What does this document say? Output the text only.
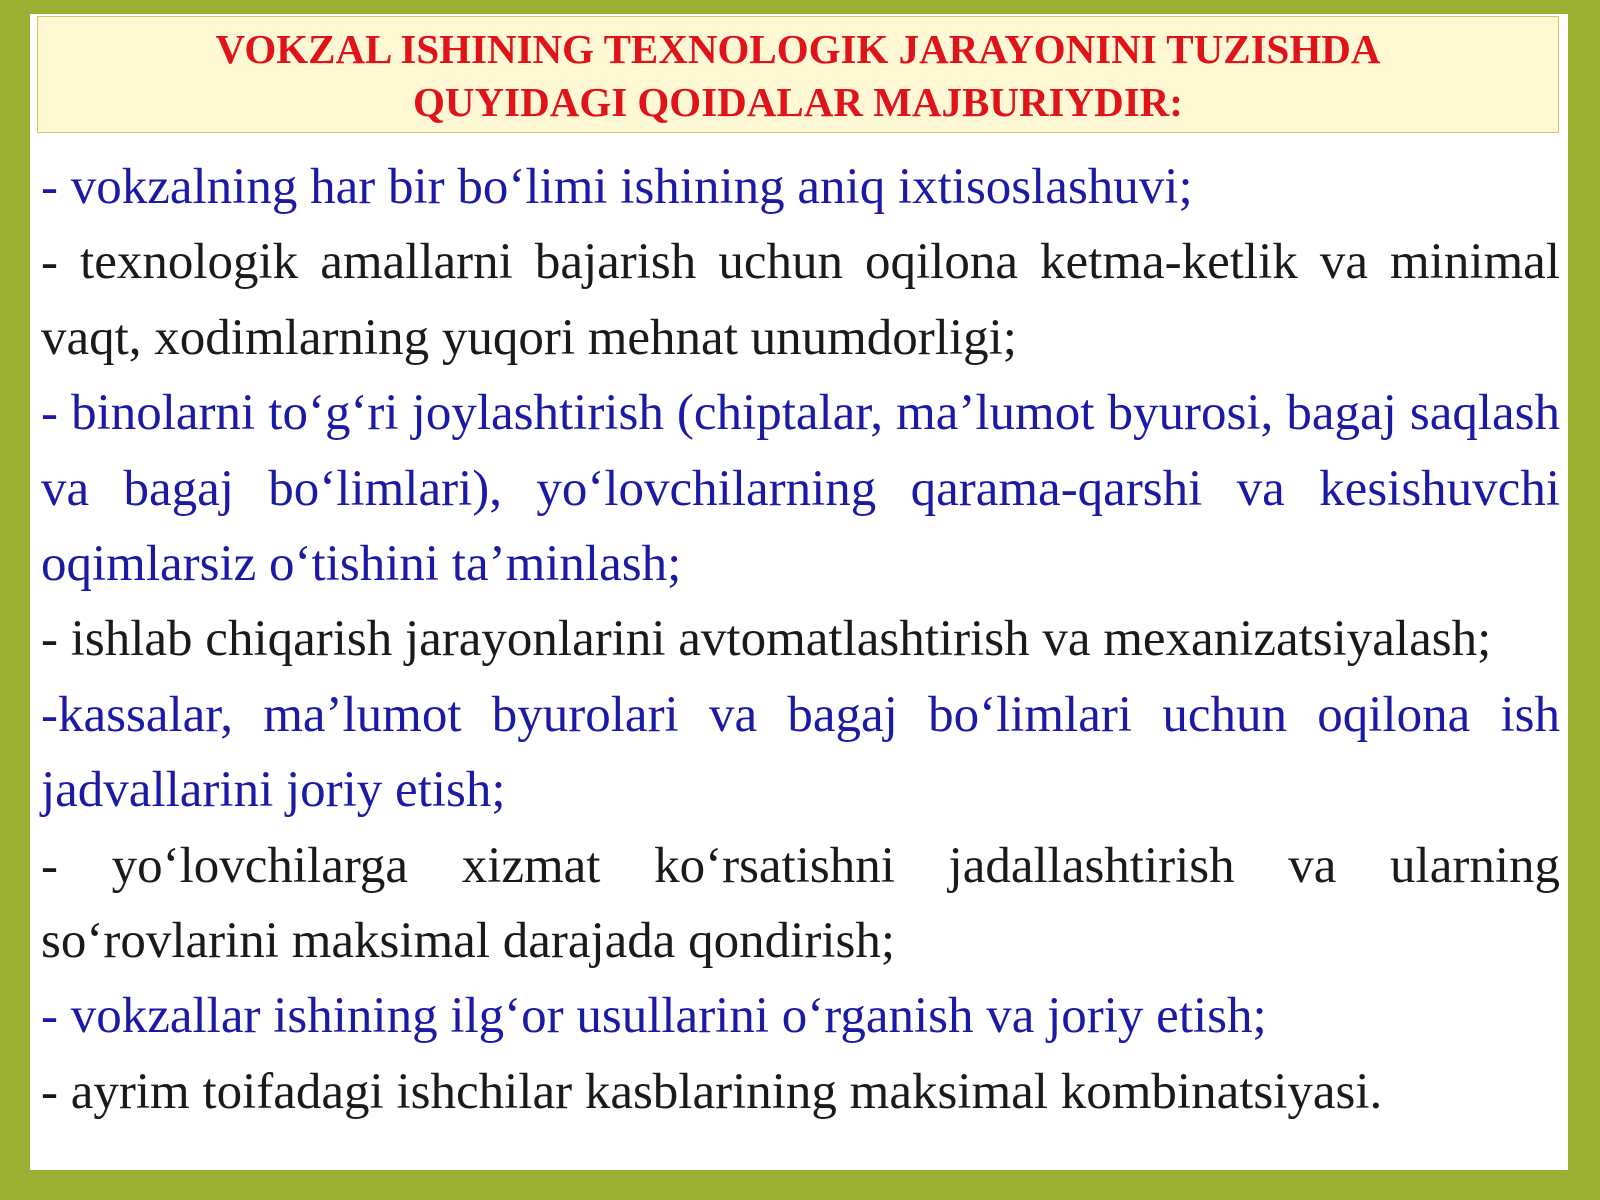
VOKZAL ISHINING TEXNOLOGIK JARAYONINI TUZISHDA
QUYIDAGI QOIDALAR MAJBURIYDIR:

- vokzalning har bir bo‘limi ishining aniq ixtisoslashuvi;

- texnologik amallarni bajarish uchun oqilona ketma-ketlik va minimal vaqt, xodimlarning yuqori mehnat unumdorligi;

- binolarni to‘g‘ri joylashtirish (chiptalar, ma’lumot byurosi, bagaj saqlash va bagaj bo‘limlari), yo‘lovchilarning qarama-qarshi va kesishuvchi oqimlarsiz o‘tishini ta’minlash;

- ishlab chiqarish jarayonlarini avtomatlashtirish va mexanizatsiyalash;

-kassalar, ma’lumot byurolari va bagaj bo‘limlari uchun oqilona ish jadvallarini joriy etish;

- yo‘lovchilarga xizmat ko‘rsatishni jadallashtirish va ularning so‘rovlarini maksimal darajada qondirish;

- vokzallar ishining ilg‘or usullarini o‘rganish va joriy etish;

- ayrim toifadagi ishchilar kasblarining maksimal kombinatsiyasi.
